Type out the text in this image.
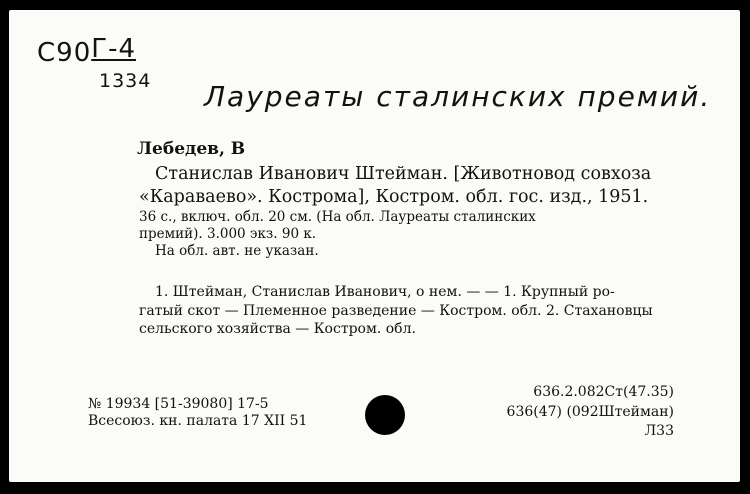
С90Г-4
1334 Лауреаты сталинских премий.
Лебедев, В
Станислав Иванович Штейман. [Животновод совхоза
«Караваево». Кострома], Костром. обл. гос. изд., 1951.
36 с., включ. обл. 20 см. (На обл. Лауреаты сталинских
премий). 3.000 экз. 90 к.
На обл. авт. не указан.
1. Штейман, Станислав Иванович, о нем. — — 1. Крупный ро-
гатый скот — Племенное разведение — Костром. обл. 2. Стахановцы
сельского хозяйства — Костром. обл.
№ 19934 [51-39080] 17-5
Всесоюз. кн. палата 17 XII 51
636.2.082Ст(47.35)
636(47) (092Штейман)
Л33
